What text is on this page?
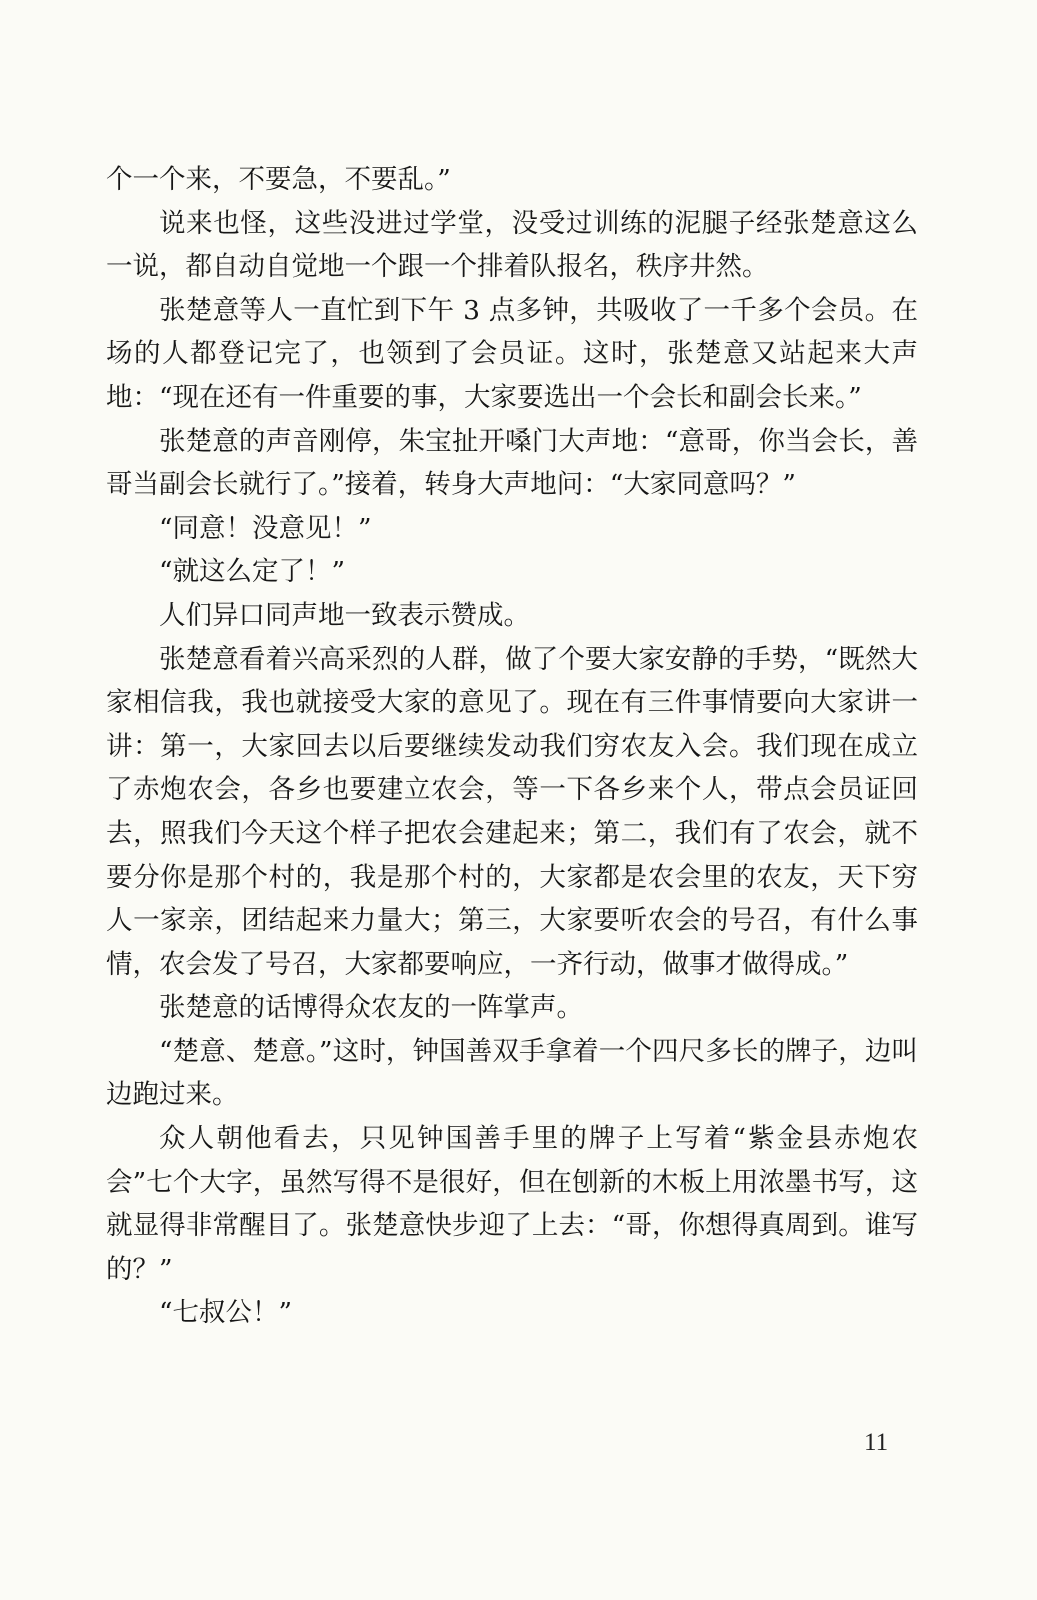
个一个来，不要急，不要乱。”

说来也怪，这些没进过学堂，没受过训练的泥腿子经张楚意这么一说，都自动自觉地一个跟一个排着队报名，秩序井然。

张楚意等人一直忙到下午 3 点多钟，共吸收了一千多个会员。在场的人都登记完了，也领到了会员证。这时，张楚意又站起来大声地：“现在还有一件重要的事，大家要选出一个会长和副会长来。”

张楚意的声音刚停，朱宝扯开嗓门大声地：“意哥，你当会长，善哥当副会长就行了。”接着，转身大声地问：“大家同意吗？”

“同意！没意见！”

“就这么定了！”

人们异口同声地一致表示赞成。

张楚意看着兴高采烈的人群，做了个要大家安静的手势，“既然大家相信我，我也就接受大家的意见了。现在有三件事情要向大家讲一讲：第一，大家回去以后要继续发动我们穷农友入会。我们现在成立了赤炮农会，各乡也要建立农会，等一下各乡来个人，带点会员证回去，照我们今天这个样子把农会建起来；第二，我们有了农会，就不要分你是那个村的，我是那个村的，大家都是农会里的农友，天下穷人一家亲，团结起来力量大；第三，大家要听农会的号召，有什么事情，农会发了号召，大家都要响应，一齐行动，做事才做得成。”

张楚意的话博得众农友的一阵掌声。

“楚意、楚意。”这时，钟国善双手拿着一个四尺多长的牌子，边叫边跑过来。

众人朝他看去，只见钟国善手里的牌子上写着“紫金县赤炮农会”七个大字，虽然写得不是很好，但在刨新的木板上用浓墨书写，这就显得非常醒目了。张楚意快步迎了上去：“哥，你想得真周到。谁写的？”

“七叔公！”

11
